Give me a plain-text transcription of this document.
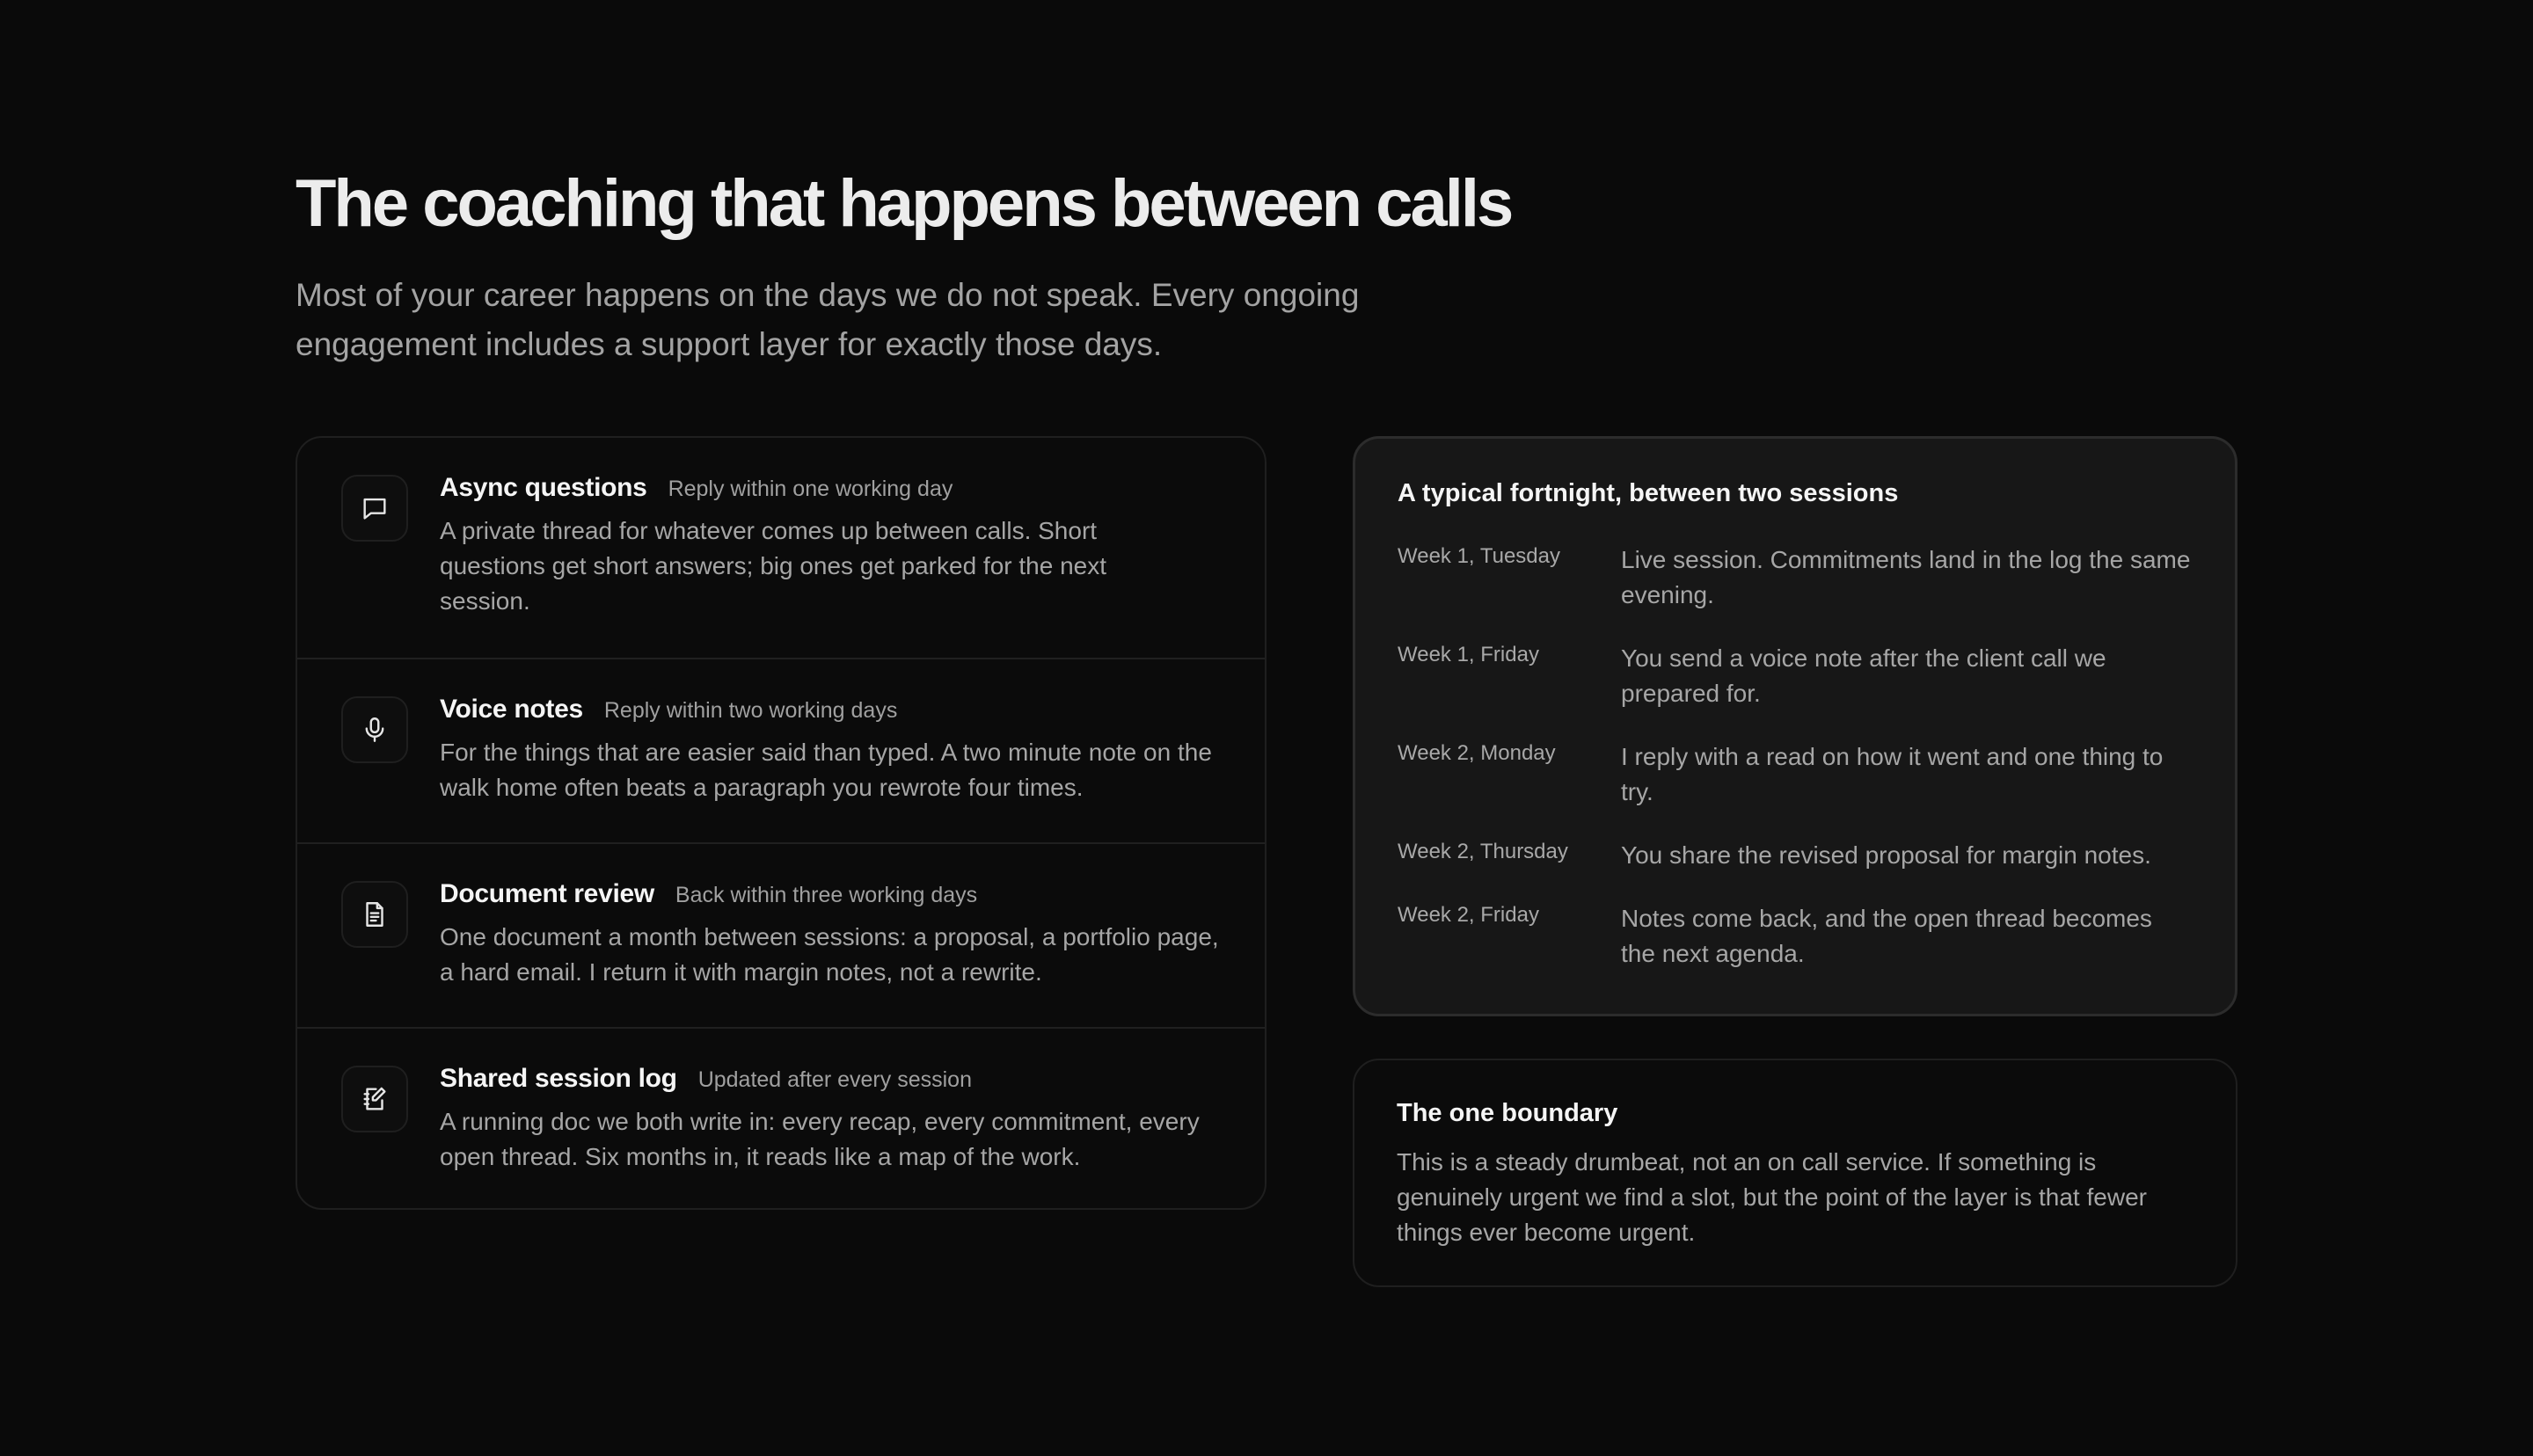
The coaching that happens between calls

Most of your career happens on the days we do not speak. Every ongoing engagement includes a support layer for exactly those days.

Async questions Reply within one working day
A private thread for whatever comes up between calls. Short questions get short answers; big ones get parked for the next session.
Voice notes Reply within two working days
For the things that are easier said than typed. A two minute note on the walk home often beats a paragraph you rewrote four times.
Document review Back within three working days
One document a month between sessions: a proposal, a portfolio page, a hard email. I return it with margin notes, not a rewrite.
Shared session log Updated after every session
A running doc we both write in: every recap, every commitment, every open thread. Six months in, it reads like a map of the work.
A typical fortnight, between two sessions
Week 1, Tuesday	Live session. Commitments land in the log the same evening.
Week 1, Friday	You send a voice note after the client call we prepared for.
Week 2, Monday	I reply with a read on how it went and one thing to try.
Week 2, Thursday	You share the revised proposal for margin notes.
Week 2, Friday	Notes come back, and the open thread becomes the next agenda.
The one boundary
This is a steady drumbeat, not an on call service. If something is genuinely urgent we find a slot, but the point of the layer is that fewer things ever become urgent.
